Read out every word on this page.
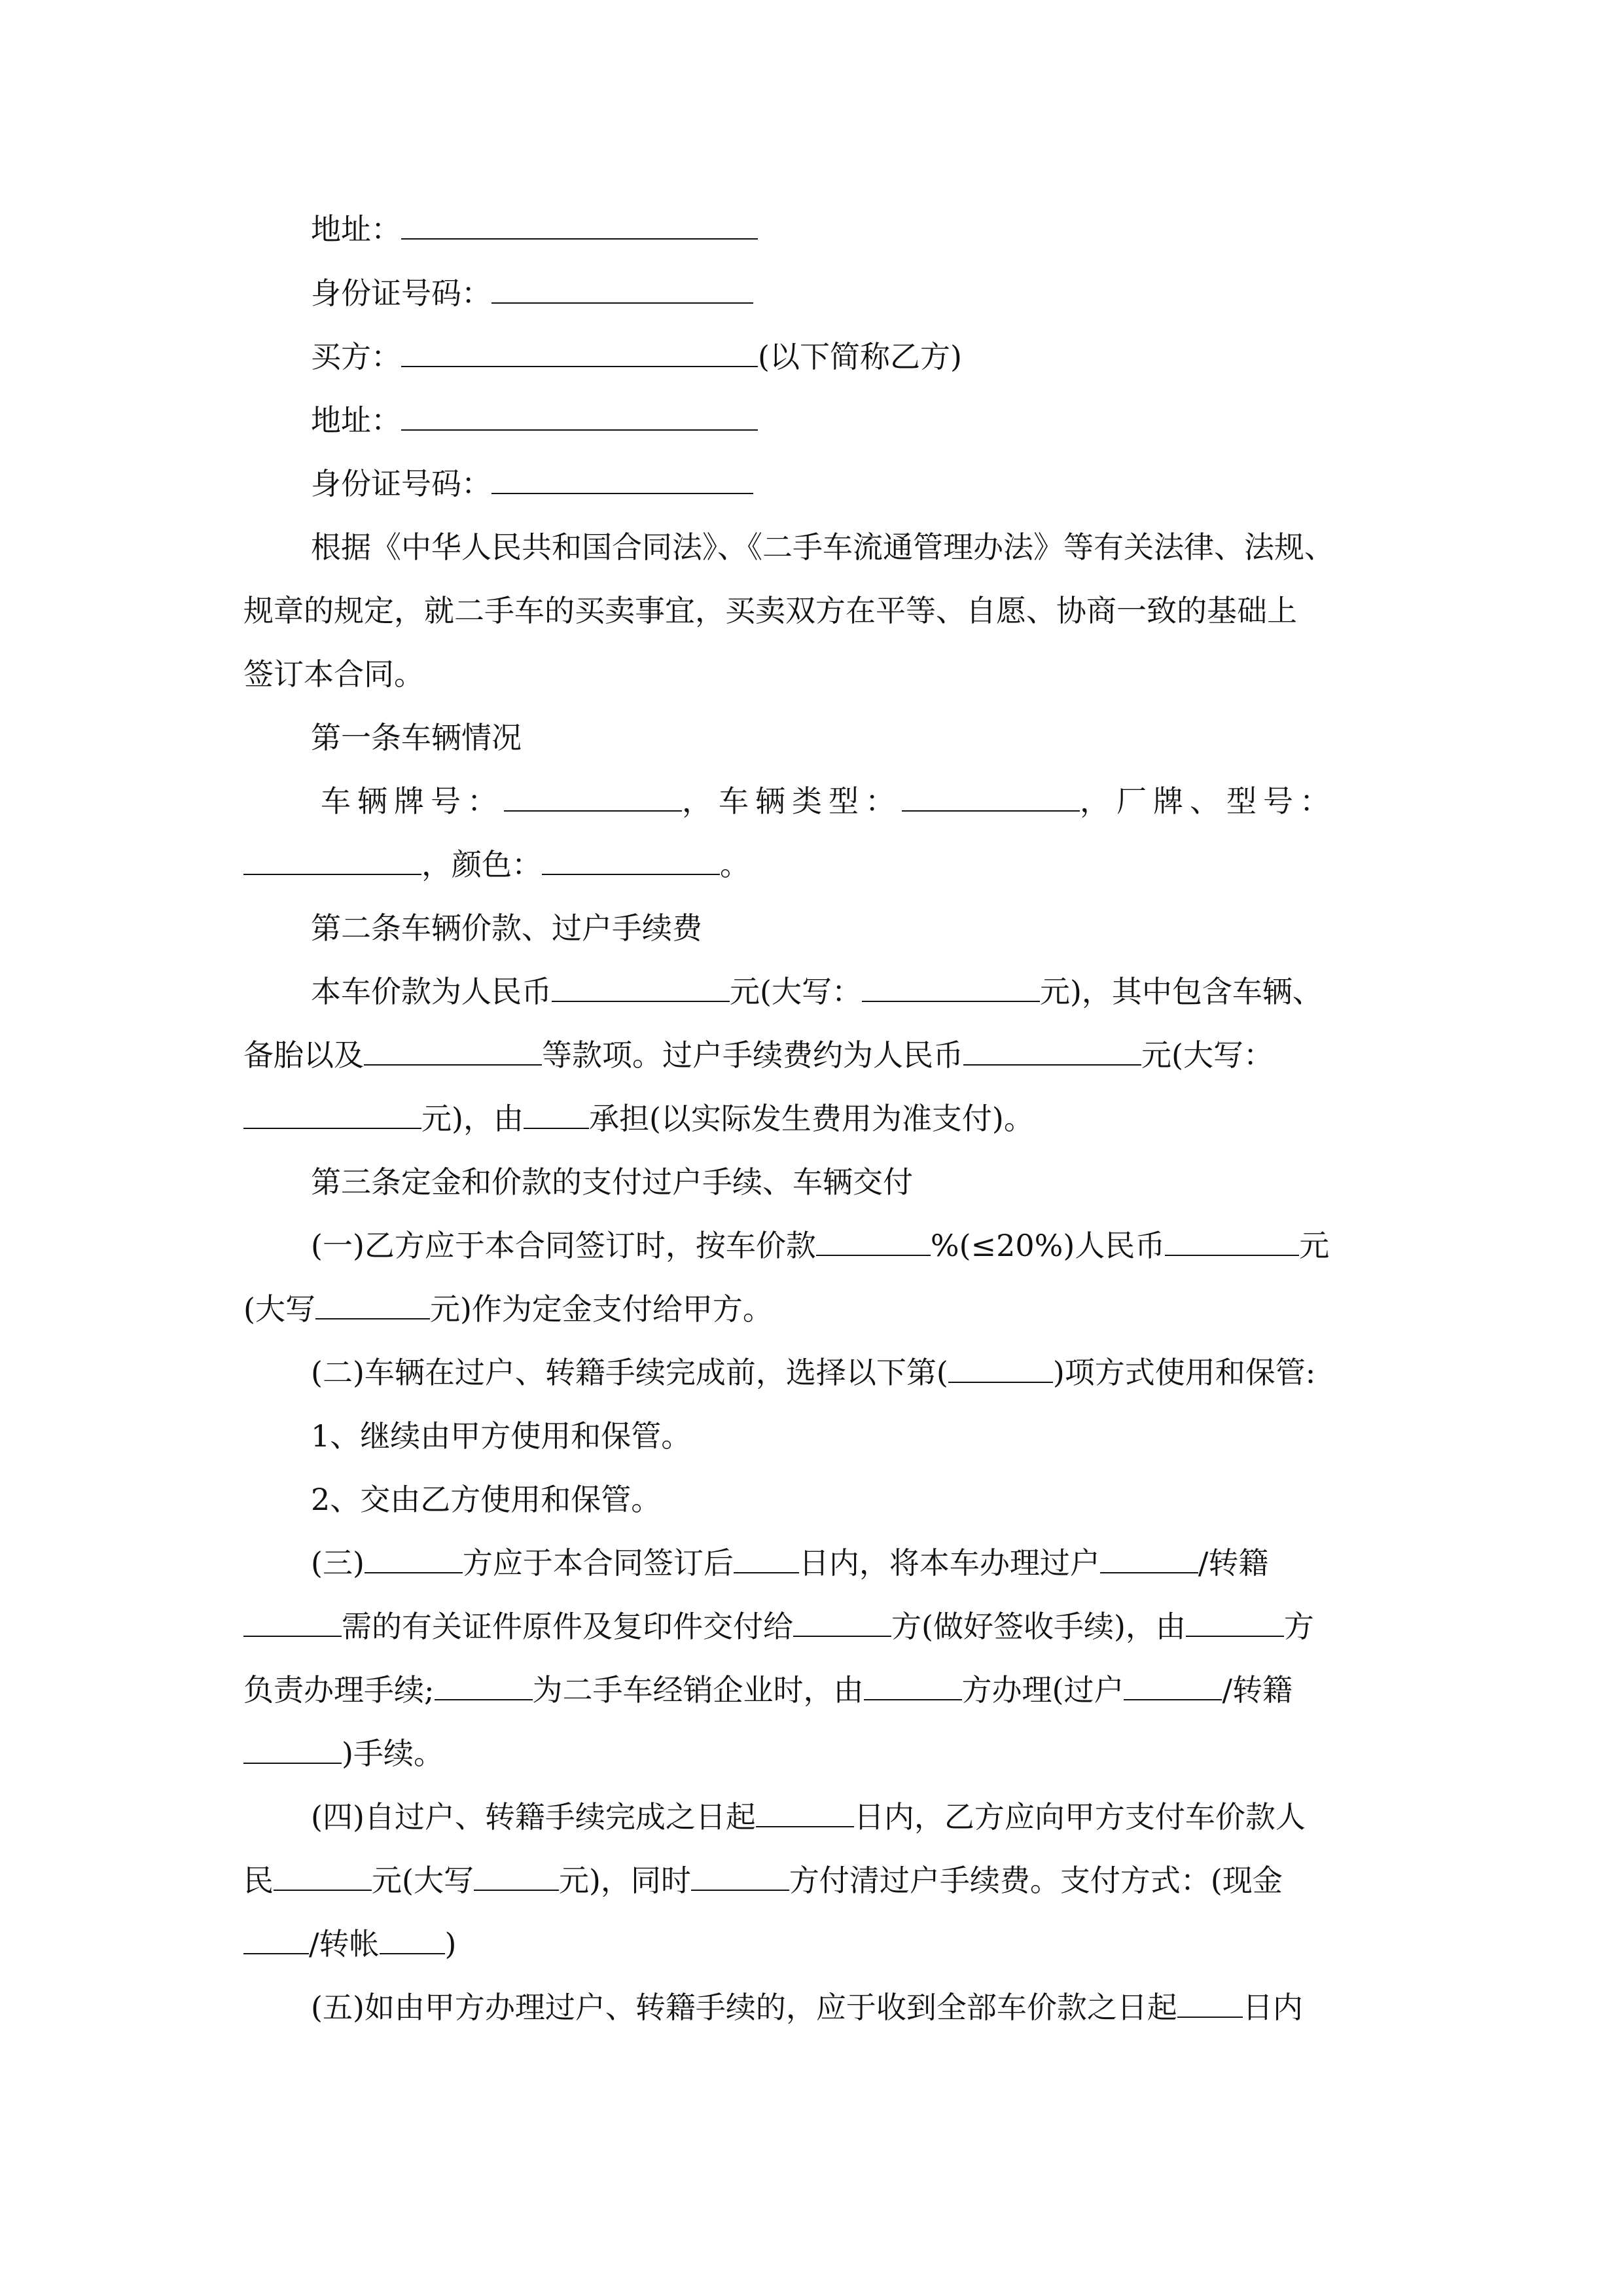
地址：
身份证号码：
买方：	(以下简称乙方)
地址：
身份证号码：
根据《中华人民共和国合同法》、《二手车流通管理办法》等有关法律、法规、
规章的规定，就二手车的买卖事宜，买卖双方在平等、自愿、协商一致的基础上
签订本合同。
第一条车辆情况
车辆牌号：	，车辆类型：	，厂牌、型号：
，颜色：	。
第二条车辆价款、过户手续费
本车价款为人民币	元(大写：	元)，其中包含车辆、
备胎以及	等款项。过户手续费约为人民币	元(大写：
元)，由 承担(以实际发生费用为准支付)。
第三条定金和价款的支付过户手续、车辆交付
(一)乙方应于本合同签订时，按车价款	%(≤20%)人民币	元
(大写	元)作为定金支付给甲方。
(二)车辆在过户、转籍手续完成前，选择以下第(	)项方式使用和保管:
1、继续由甲方使用和保管。
2、交由乙方使用和保管。
(三)	方应于本合同签订后 日内，将本车办理过户	/转籍
需的有关证件原件及复印件交付给	方(做好签收手续)，由	方
负责办理手续;	为二手车经销企业时，由	方办理(过户	/转籍
)手续。
(四)自过户、转籍手续完成之日起	日内，乙方应向甲方支付车价款人
民	元(大写	元)，同时	方付清过户手续费。支付方式：(现金
/转帐 )
(五)如由甲方办理过户、转籍手续的，应于收到全部车价款之日起 日内
